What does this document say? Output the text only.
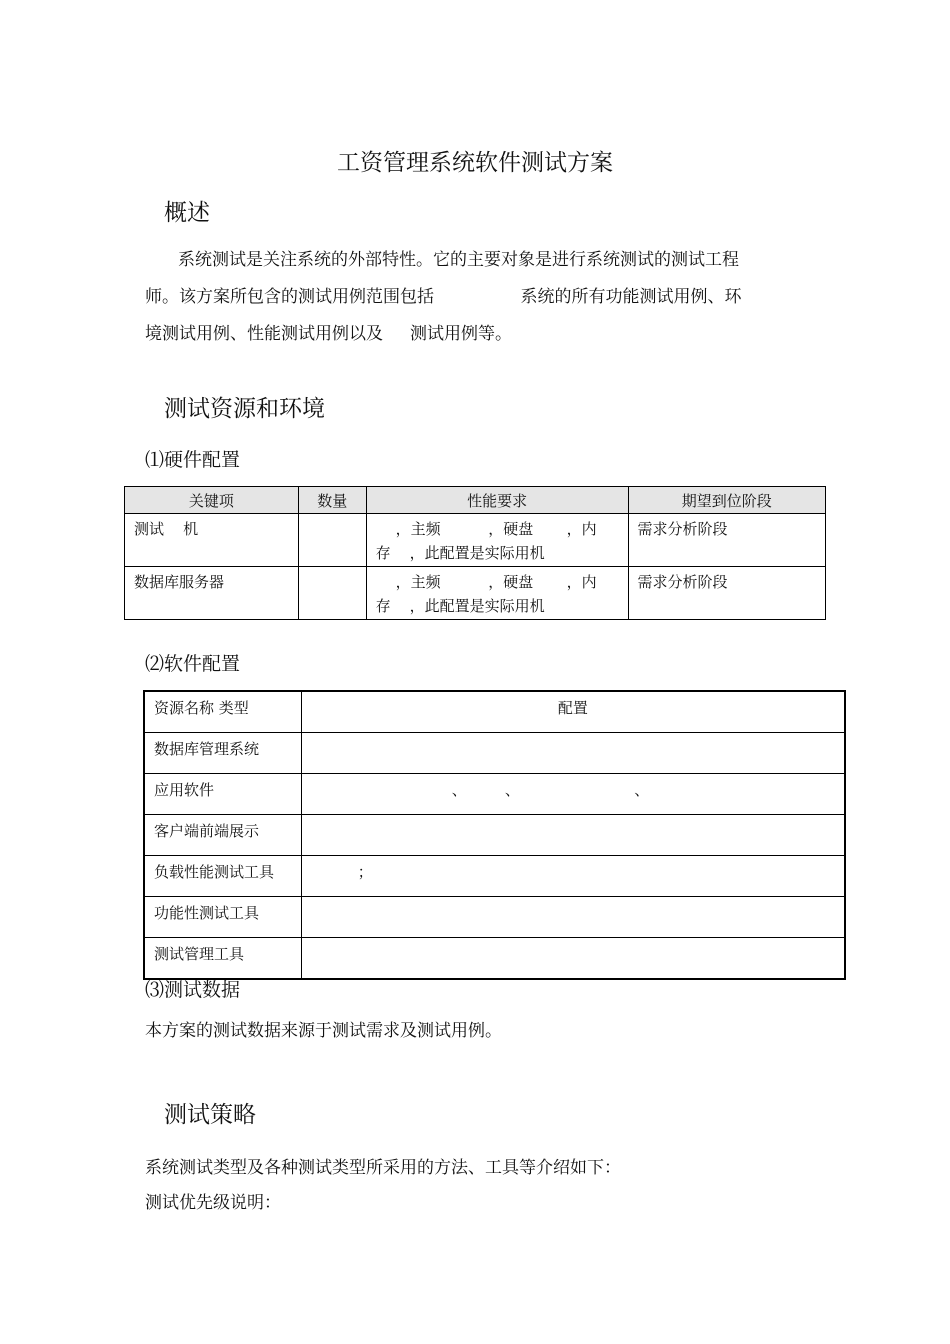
工资管理系统软件测试方案
概述
系统测试是关注系统的外部特性。它的主要对象是进行系统测试的测试工程
师。该方案所包含的测试用例范围包括                系统的所有功能测试用例、环
境测试用例、性能测试用例以及     测试用例等。
测试资源和环境
⑴硬件配置
关键项	数量	性能要求	期望到位阶段
测试    机		，主频          ，硬盘       ，内
存    ，此配置是实际用机	需求分析阶段
数据库服务器		，主频          ，硬盘       ，内
存    ，此配置是实际用机	需求分析阶段
⑵软件配置
资源名称 类型	配置
数据库管理系统	
应用软件	、        、                        、
客户端前端展示	
负载性能测试工具	；
功能性测试工具	
测试管理工具	
⑶测试数据
本方案的测试数据来源于测试需求及测试用例。
测试策略
系统测试类型及各种测试类型所采用的方法、工具等介绍如下：
测试优先级说明：
